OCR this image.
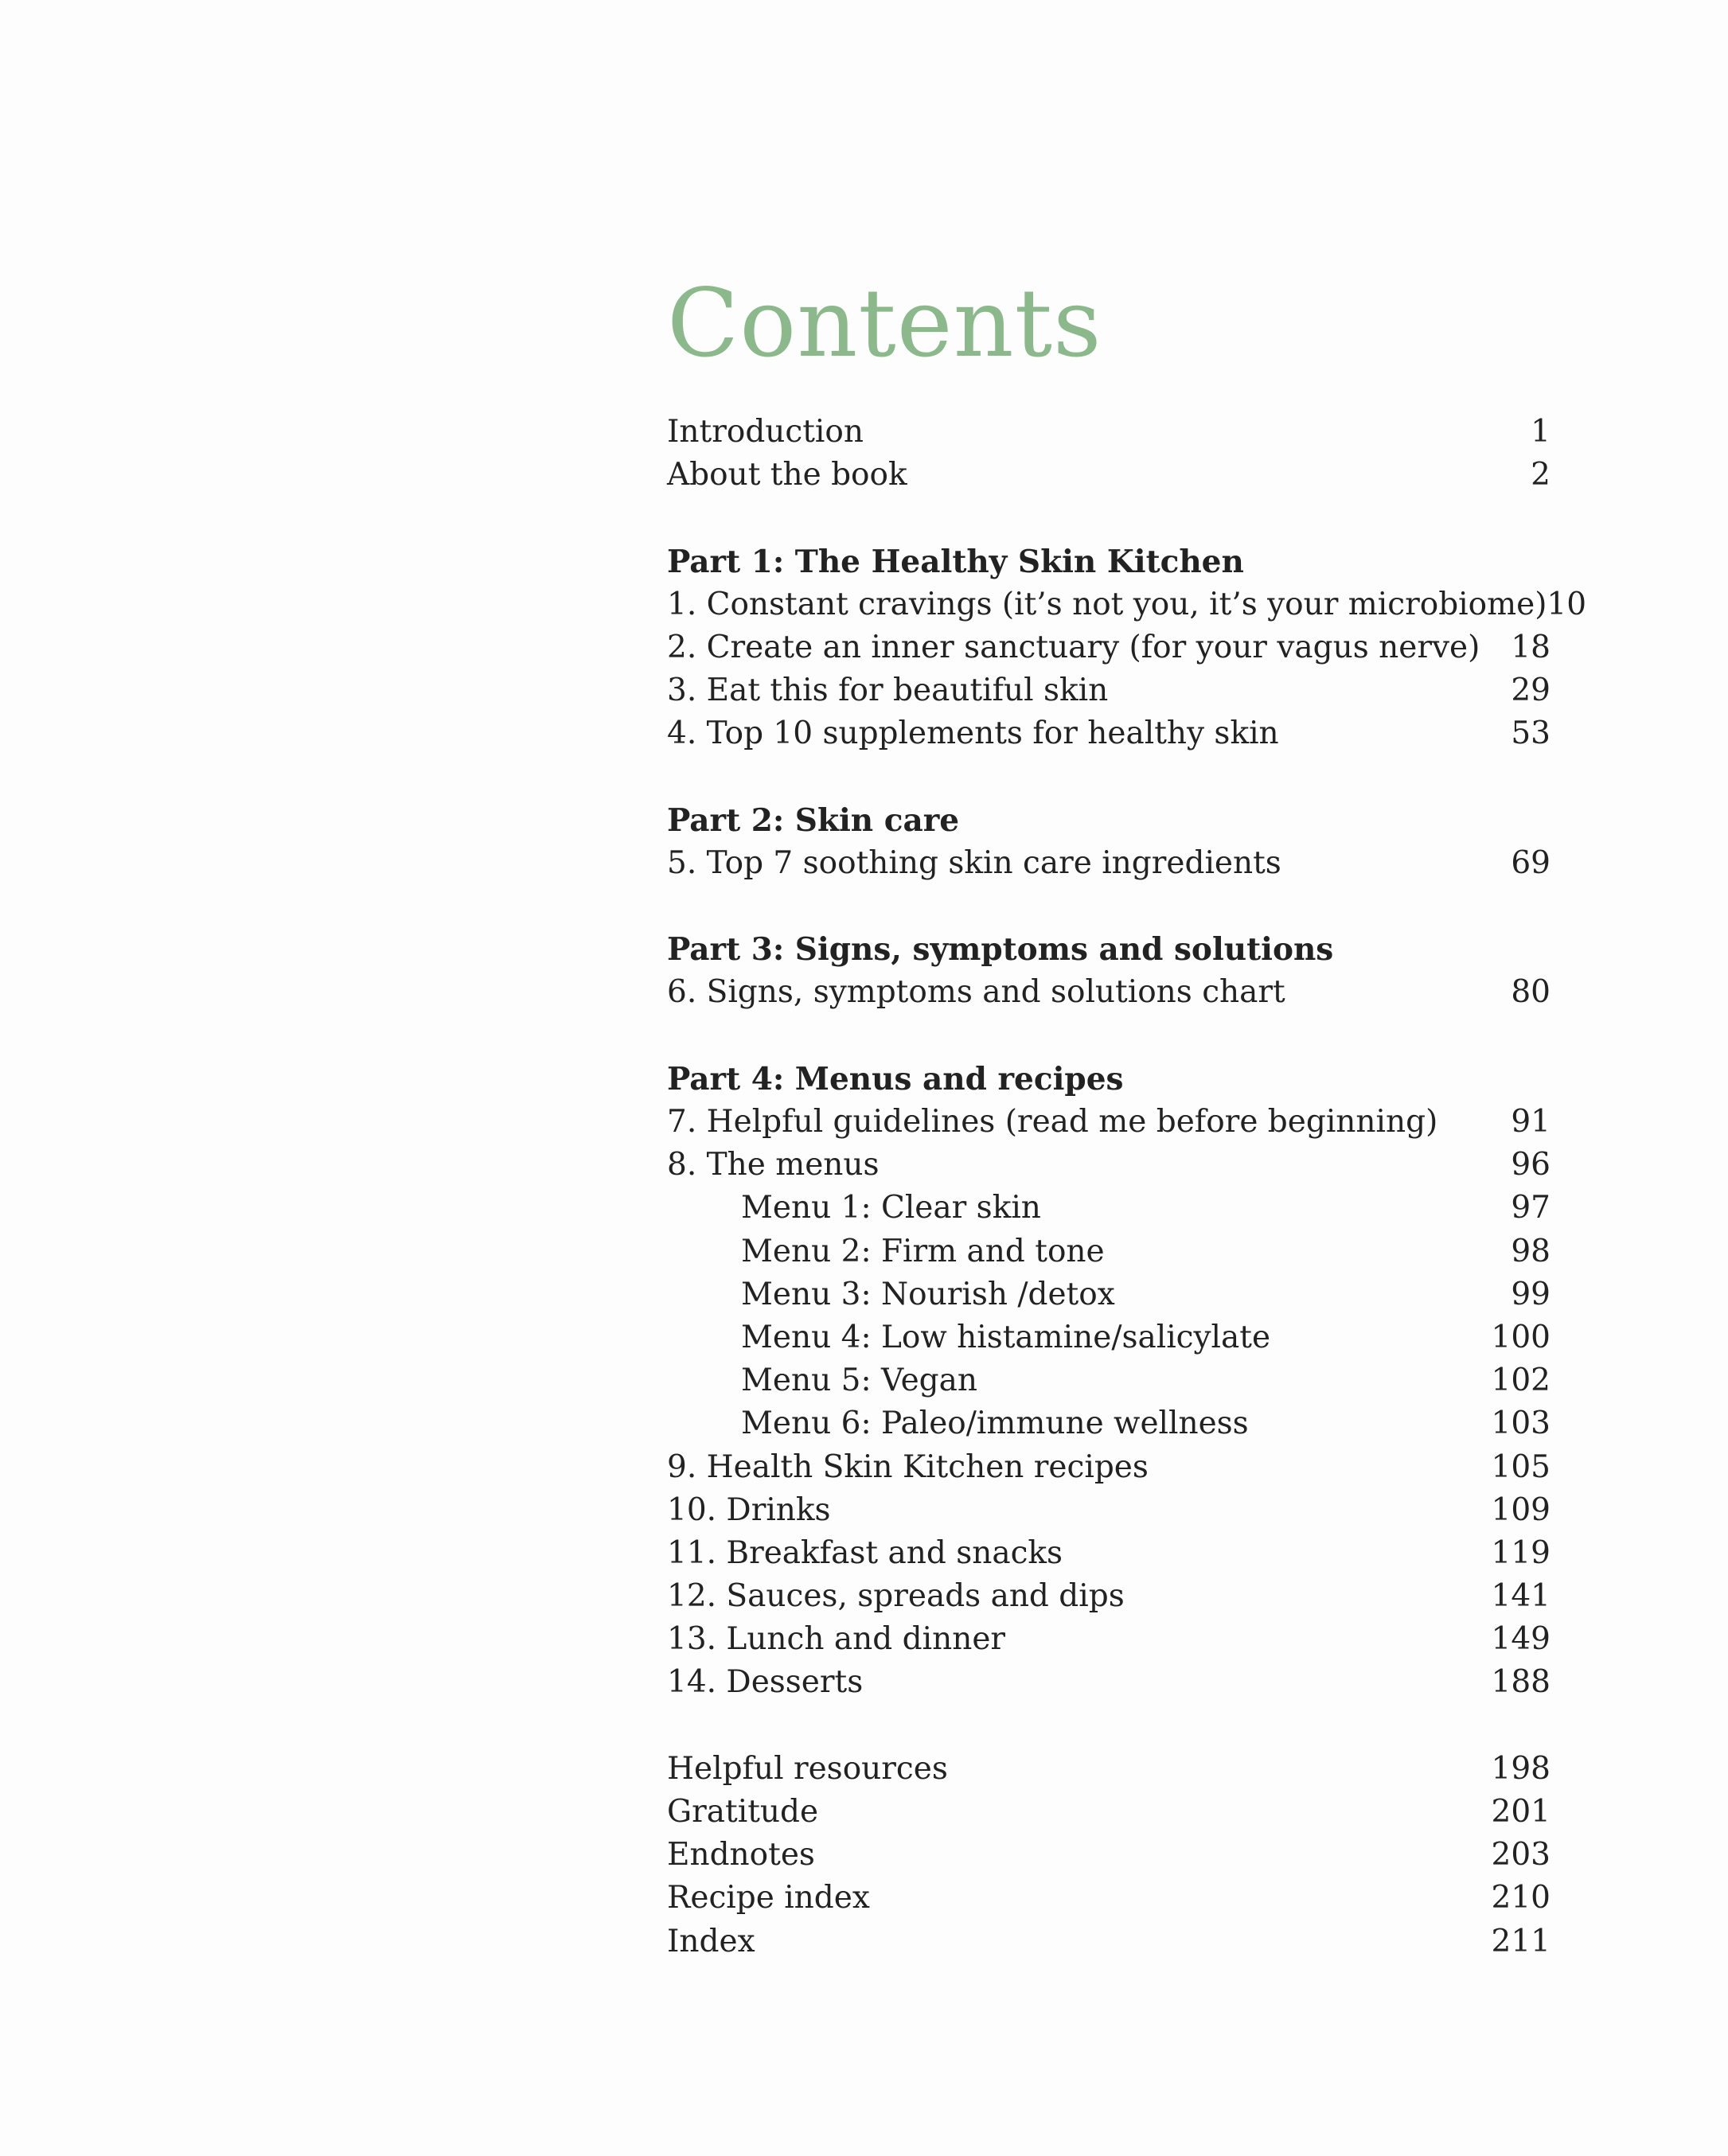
Contents
Introduction	1
About the book	2
Part 1: The Healthy Skin Kitchen
1. Constant cravings (it’s not you, it’s your microbiome) 10
2. Create an inner sanctuary (for your vagus nerve) 18
3. Eat this for beautiful skin	29
4. Top 10 supplements for healthy skin	53
Part 2: Skin care
5. Top 7 soothing skin care ingredients	69
Part 3: Signs, symptoms and solutions
6. Signs, symptoms and solutions chart	80
Part 4: Menus and recipes
7. Helpful guidelines (read me before beginning) 91
8. The menus	96
Menu 1: Clear skin	97
Menu 2: Firm and tone	98
Menu 3: Nourish /detox	99
Menu 4: Low histamine/salicylate	100
Menu 5: Vegan	102
Menu 6: Paleo/immune wellness	103
9. Health Skin Kitchen recipes	105
10. Drinks	109
11. Breakfast and snacks	119
12. Sauces, spreads and dips	141
13. Lunch and dinner	149
14. Desserts	188
Helpful resources	198
Gratitude	201
Endnotes	203
Recipe index	210
Index	211
